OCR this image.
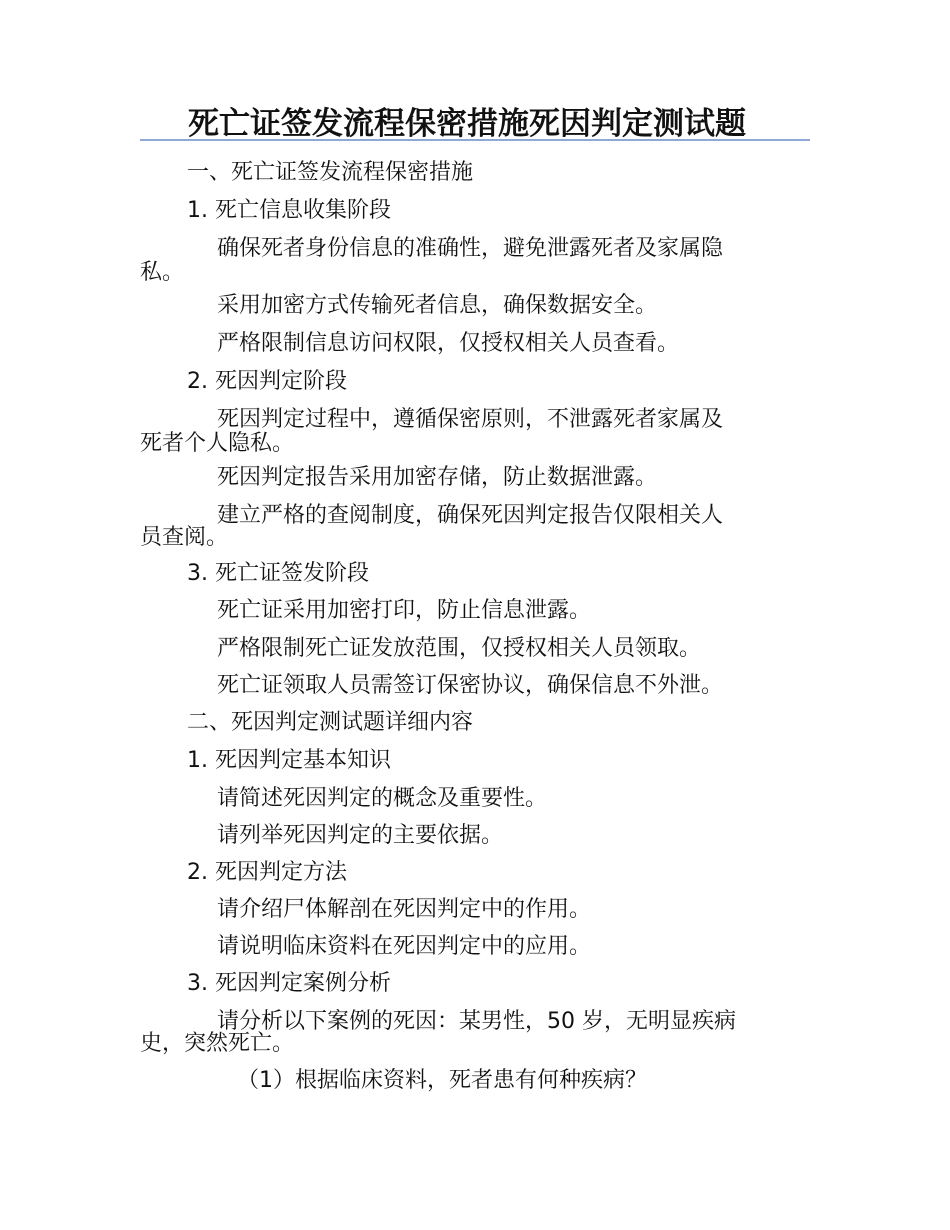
死亡证签发流程保密措施死因判定测试题

一、死亡证签发流程保密措施

1. 死亡信息收集阶段

确保死者身份信息的准确性，避免泄露死者及家属隐

私。

采用加密方式传输死者信息，确保数据安全。

严格限制信息访问权限，仅授权相关人员查看。

2. 死因判定阶段

死因判定过程中，遵循保密原则，不泄露死者家属及

死者个人隐私。

死因判定报告采用加密存储，防止数据泄露。

建立严格的查阅制度，确保死因判定报告仅限相关人

员查阅。

3. 死亡证签发阶段

死亡证采用加密打印，防止信息泄露。

严格限制死亡证发放范围，仅授权相关人员领取。

死亡证领取人员需签订保密协议，确保信息不外泄。

二、死因判定测试题详细内容

1. 死因判定基本知识

请简述死因判定的概念及重要性。

请列举死因判定的主要依据。

2. 死因判定方法

请介绍尸体解剖在死因判定中的作用。

请说明临床资料在死因判定中的应用。

3. 死因判定案例分析

请分析以下案例的死因：某男性，50 岁，无明显疾病

史，突然死亡。

（1）根据临床资料，死者患有何种疾病？
